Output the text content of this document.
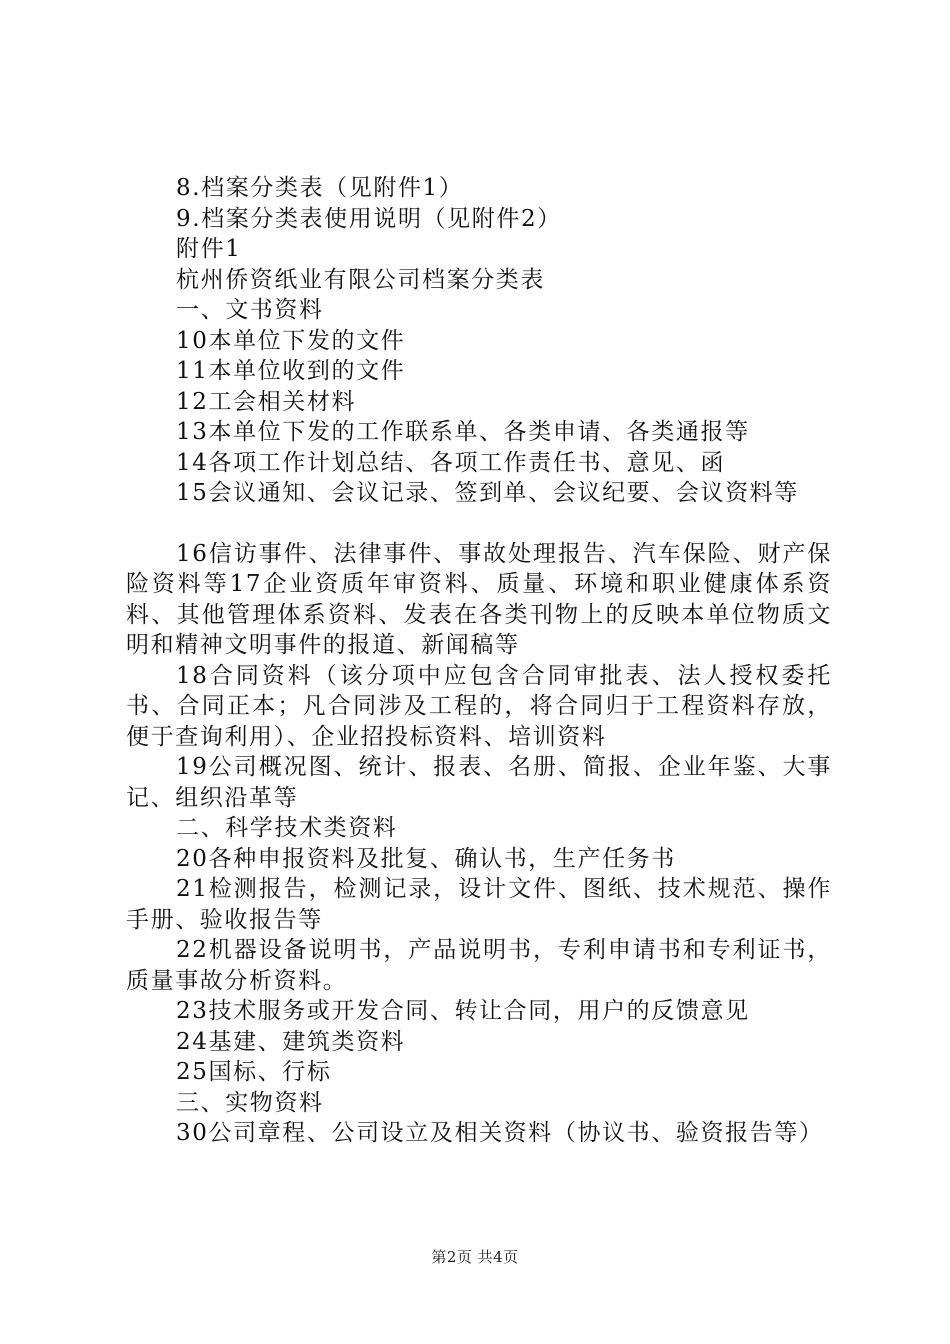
8.档案分类表（见附件1）
9.档案分类表使用说明（见附件2）
附件1
杭州侨资纸业有限公司档案分类表
一、文书资料
10本单位下发的文件
11本单位收到的文件
12工会相关材料
13本单位下发的工作联系单、各类申请、各类通报等
14各项工作计划总结、各项工作责任书、意见、函
15会议通知、会议记录、签到单、会议纪要、会议资料等
16信访事件、法律事件、事故处理报告、汽车保险、财产保险资料等17企业资质年审资料、质量、环境和职业健康体系资料、其他管理体系资料、发表在各类刊物上的反映本单位物质文明和精神文明事件的报道、新闻稿等
18合同资料（该分项中应包含合同审批表、法人授权委托书、合同正本；凡合同涉及工程的，将合同归于工程资料存放，便于查询利用）、企业招投标资料、培训资料
19公司概况图、统计、报表、名册、简报、企业年鉴、大事记、组织沿革等
二、科学技术类资料
20各种申报资料及批复、确认书，生产任务书
21检测报告，检测记录，设计文件、图纸、技术规范、操作手册、验收报告等
22机器设备说明书，产品说明书，专利申请书和专利证书，质量事故分析资料。
23技术服务或开发合同、转让合同，用户的反馈意见
24基建、建筑类资料
25国标、行标
三、实物资料
30公司章程、公司设立及相关资料（协议书、验资报告等）
第2页 共4页
